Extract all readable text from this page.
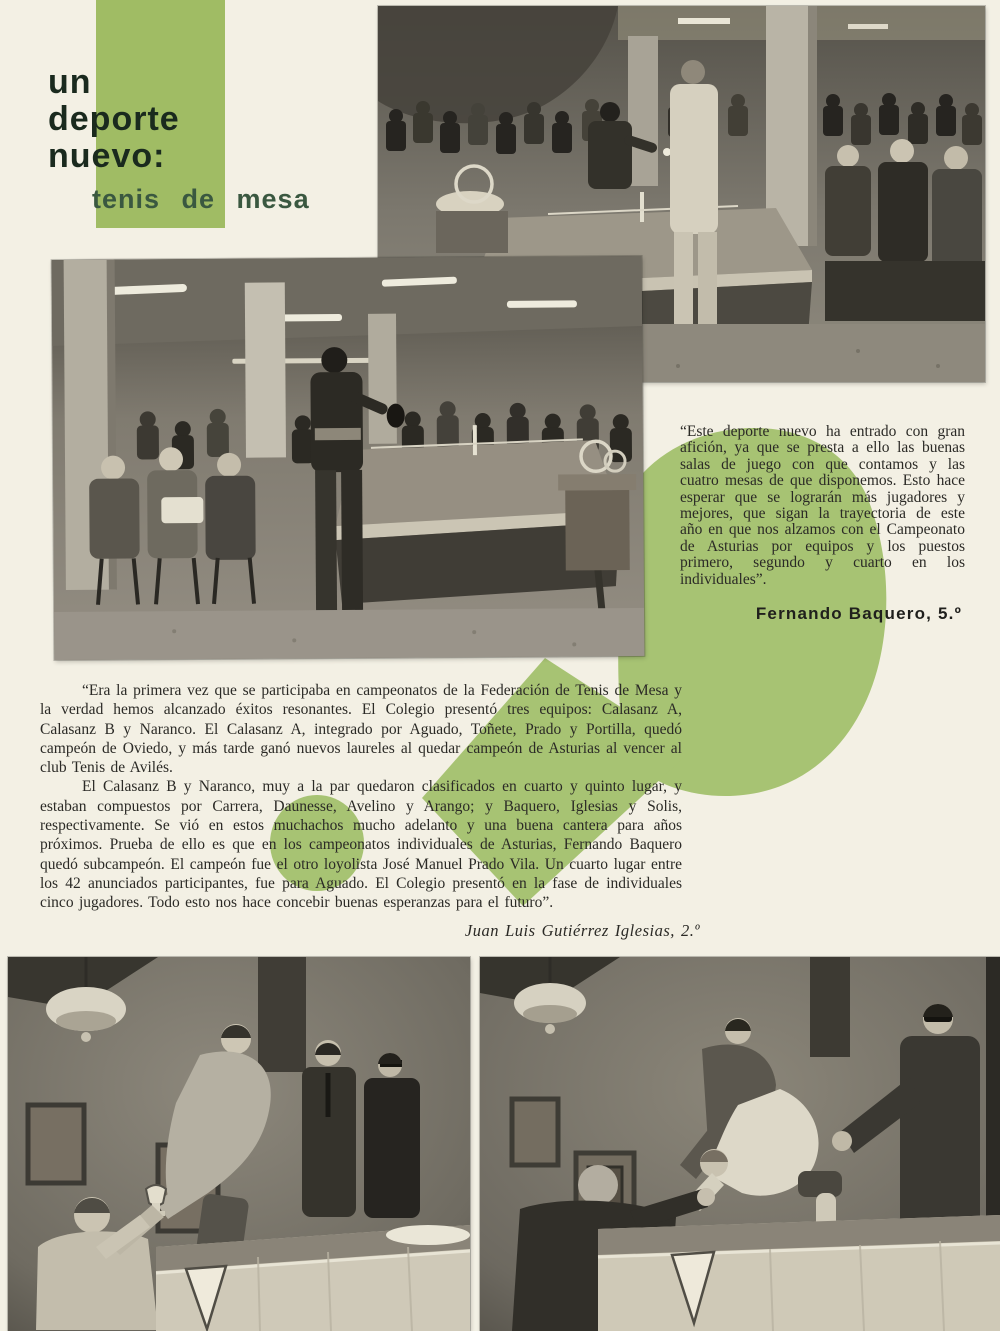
un
deporte
nuevo:
tenis de mesa
“Este deporte nuevo ha entrado con gran afición, ya que se presta a ello las buenas salas de juego con que contamos y las cuatro mesas de que disponemos. Esto hace esperar que se lograrán más jugadores y mejores, que sigan la trayectoria de este año en que nos alzamos con el Campeonato de Asturias por equipos y los puestos primero, segundo y cuarto en los individuales”.
Fernando Baquero, 5.º

“Era la primera vez que se participaba en campeonatos de la Federación de Tenis de Mesa y la verdad hemos alcanzado éxitos resonantes. El Colegio presentó tres equipos: Calasanz A, Calasanz B y Naranco. El Calasanz A, integrado por Aguado, Toñete, Prado y Portilla, quedó campeón de Oviedo, y más tarde ganó nuevos laureles al quedar campeón de Asturias al vencer al club Tenis de Avilés.

El Calasanz B y Naranco, muy a la par quedaron clasificados en cuarto y quinto lugar, y estaban compuestos por Carrera, Daunesse, Avelino y Arango; y Baquero, Iglesias y Solis, respectivamente. Se vió en estos muchachos mucho adelanto y una buena cantera para años próximos. Prueba de ello es que en los campeonatos individuales de Asturias, Fernando Baquero quedó subcampeón. El campeón fue el otro loyolista José Manuel Prado Vila. Un cuarto lugar entre los 42 anunciados participantes, fue para Aguado. El Colegio presentó en la fase de individuales cinco jugadores. Todo esto nos hace concebir buenas esperanzas para el futuro”.

Juan Luis Gutiérrez Iglesias, 2.º
